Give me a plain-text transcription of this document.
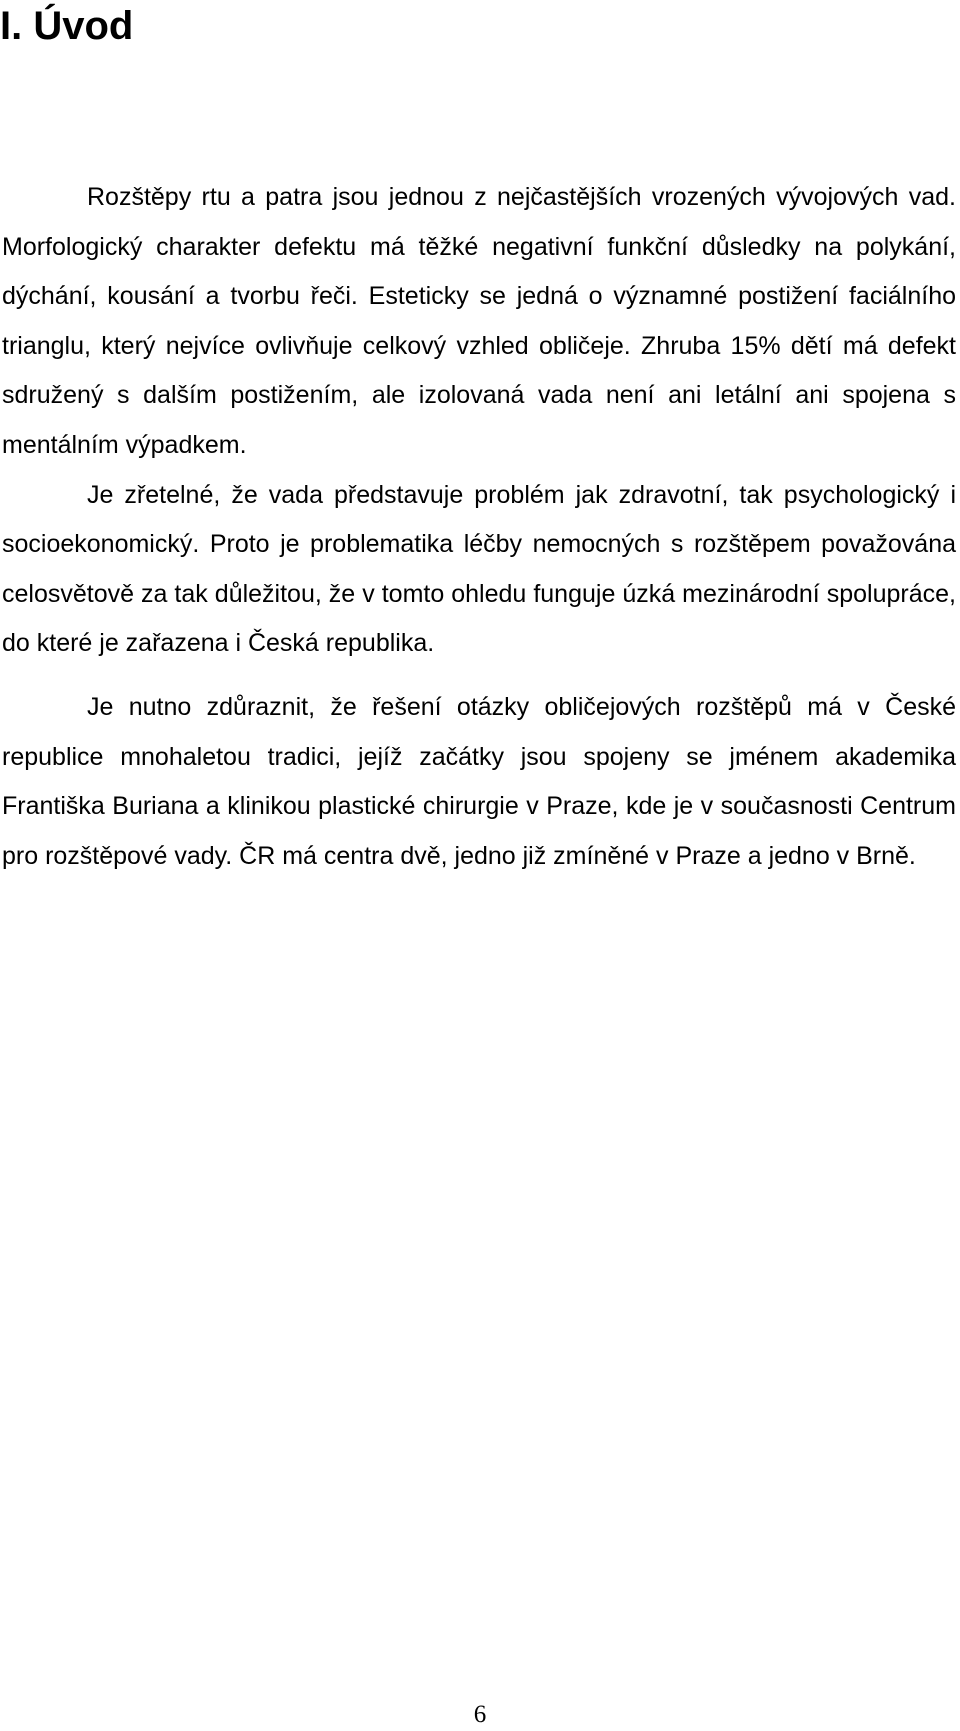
I. Úvod

Rozštěpy rtu a patra jsou jednou z nejčastějších vrozených vývojových vad. Morfologický charakter defektu má těžké negativní funkční důsledky na polykání, dýchání, kousání a tvorbu řeči. Esteticky se jedná o významné postižení faciálního trianglu, který nejvíce ovlivňuje celkový vzhled obličeje. Zhruba 15% dětí má defekt sdružený s dalším postižením, ale izolovaná vada není ani letální ani spojena s mentálním výpadkem.

Je zřetelné, že vada představuje problém jak zdravotní, tak psychologický i socioekonomický. Proto je problematika léčby nemocných s rozštěpem považována celosvětově za tak důležitou, že v tomto ohledu funguje úzká mezinárodní spolupráce, do které je zařazena i Česká republika.

Je nutno zdůraznit, že řešení otázky obličejových rozštěpů má v České republice mnohaletou tradici, jejíž začátky jsou spojeny se jménem akademika Františka Buriana a klinikou plastické chirurgie v Praze, kde je v současnosti Centrum pro rozštěpové vady. ČR má centra dvě, jedno již zmíněné v Praze a jedno v Brně.

6
